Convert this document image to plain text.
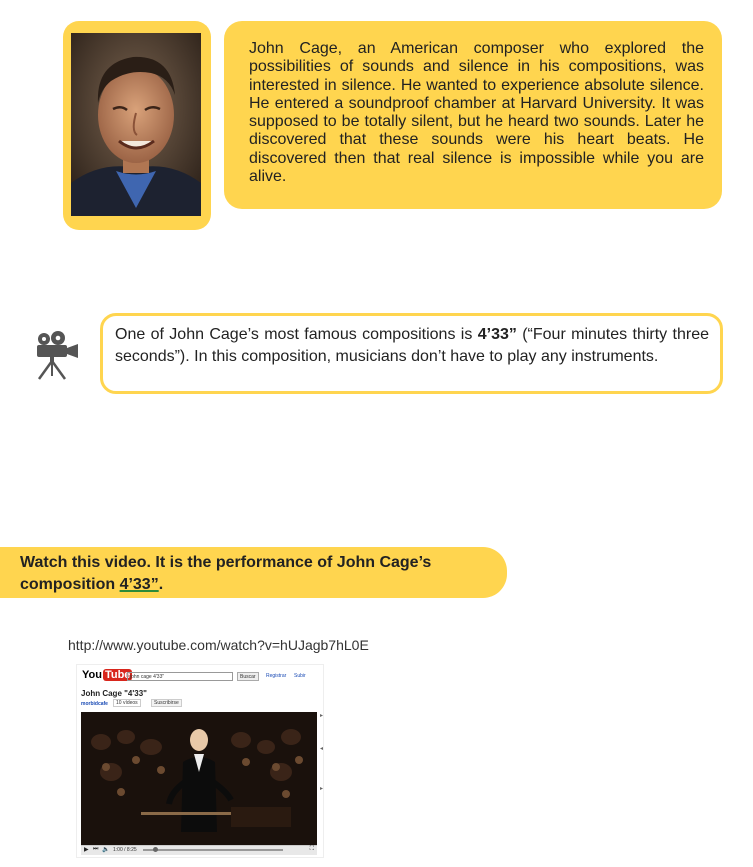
John Cage, an American composer who explored the possibilities of sounds and silence in his compositions, was interested in silence. He wanted to experience absolute silence. He entered a soundproof chamber at Harvard University. It was supposed to be totally silent, but he heard two sounds. Later he discovered that these sounds were his heart beats. He discovered then that real silence is impossible while you are alive.

One of John Cage’s most famous compositions is 4’33” (“Four minutes thirty three seconds”). In this composition, musicians don’t have to play any instruments.

Watch this video. It is the performance of John Cage’s
composition 4’33”.

http://www.youtube.com/watch?v=hUJagb7hL0E
You Tube john cage 4'33"	Buscar	Registrar Subir
John Cage "4'33"
morbidcafe	10 vídeos	Suscribirse
▸
◂
▸
▶ ⏭ 🔈 1:00 / 8:25	⛶
